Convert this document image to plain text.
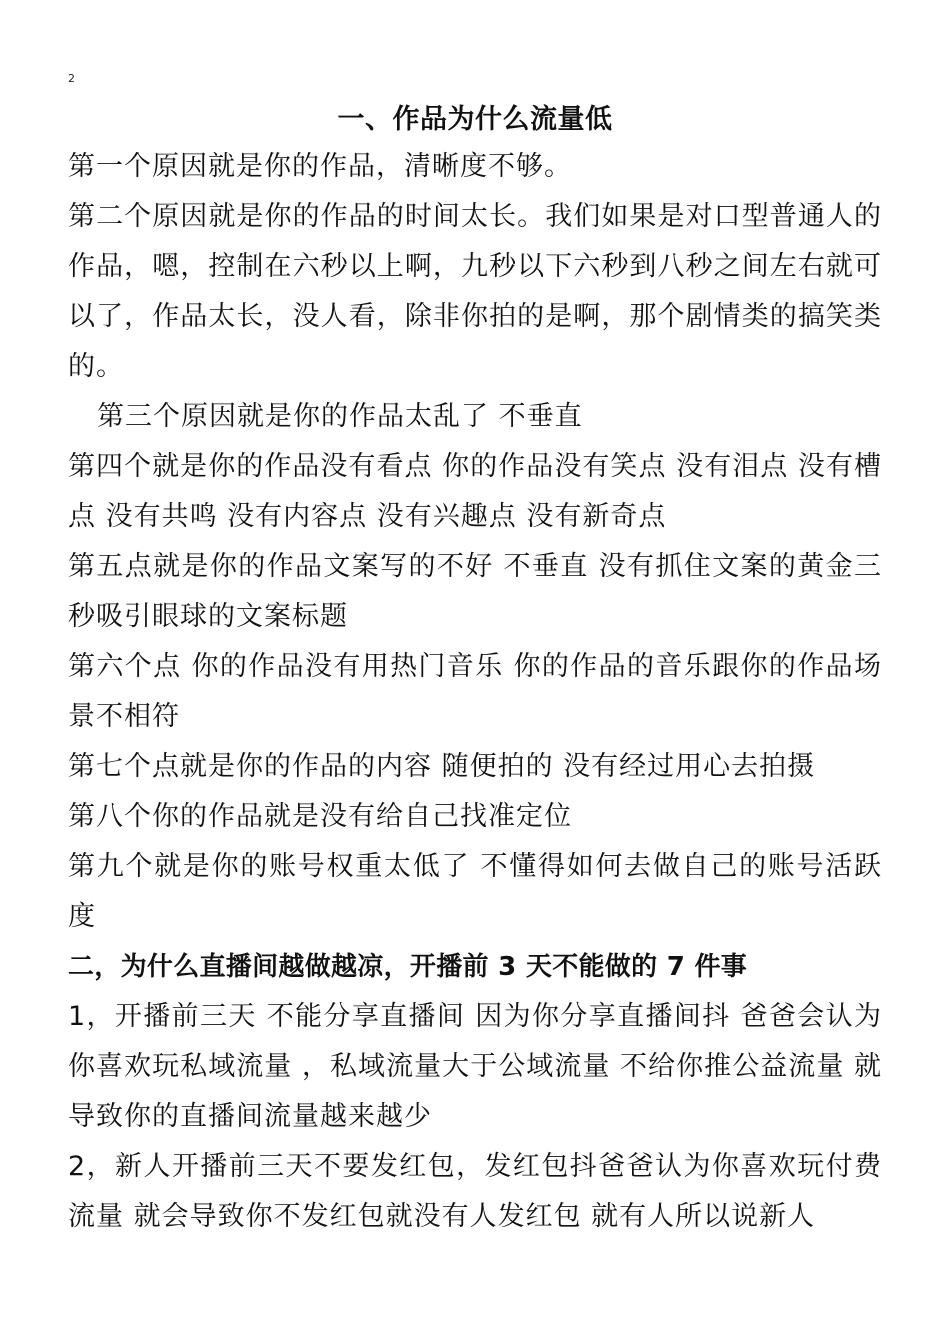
2
一、作品为什么流量低

第一个原因就是你的作品，清晰度不够。

第二个原因就是你的作品的时间太长。我们如果是对口型普通人的作品，嗯，控制在六秒以上啊，九秒以下六秒到八秒之间左右就可以了，作品太长，没人看，除非你拍的是啊，那个剧情类的搞笑类的。

第三个原因就是你的作品太乱了 不垂直

第四个就是你的作品没有看点 你的作品没有笑点 没有泪点 没有槽点 没有共鸣 没有内容点 没有兴趣点 没有新奇点

第五点就是你的作品文案写的不好 不垂直 没有抓住文案的黄金三秒吸引眼球的文案标题

第六个点 你的作品没有用热门音乐 你的作品的音乐跟你的作品场景不相符

第七个点就是你的作品的内容 随便拍的 没有经过用心去拍摄

第八个你的作品就是没有给自己找准定位

第九个就是你的账号权重太低了 不懂得如何去做自己的账号活跃度

二，为什么直播间越做越凉，开播前 3 天不能做的 7 件事

1，开播前三天 不能分享直播间 因为你分享直播间抖 爸爸会认为你喜欢玩私域流量 ，私域流量大于公域流量 不给你推公益流量 就导致你的直播间流量越来越少

2，新人开播前三天不要发红包，发红包抖爸爸认为你喜欢玩付费流量 就会导致你不发红包就没有人发红包 就有人所以说新人
